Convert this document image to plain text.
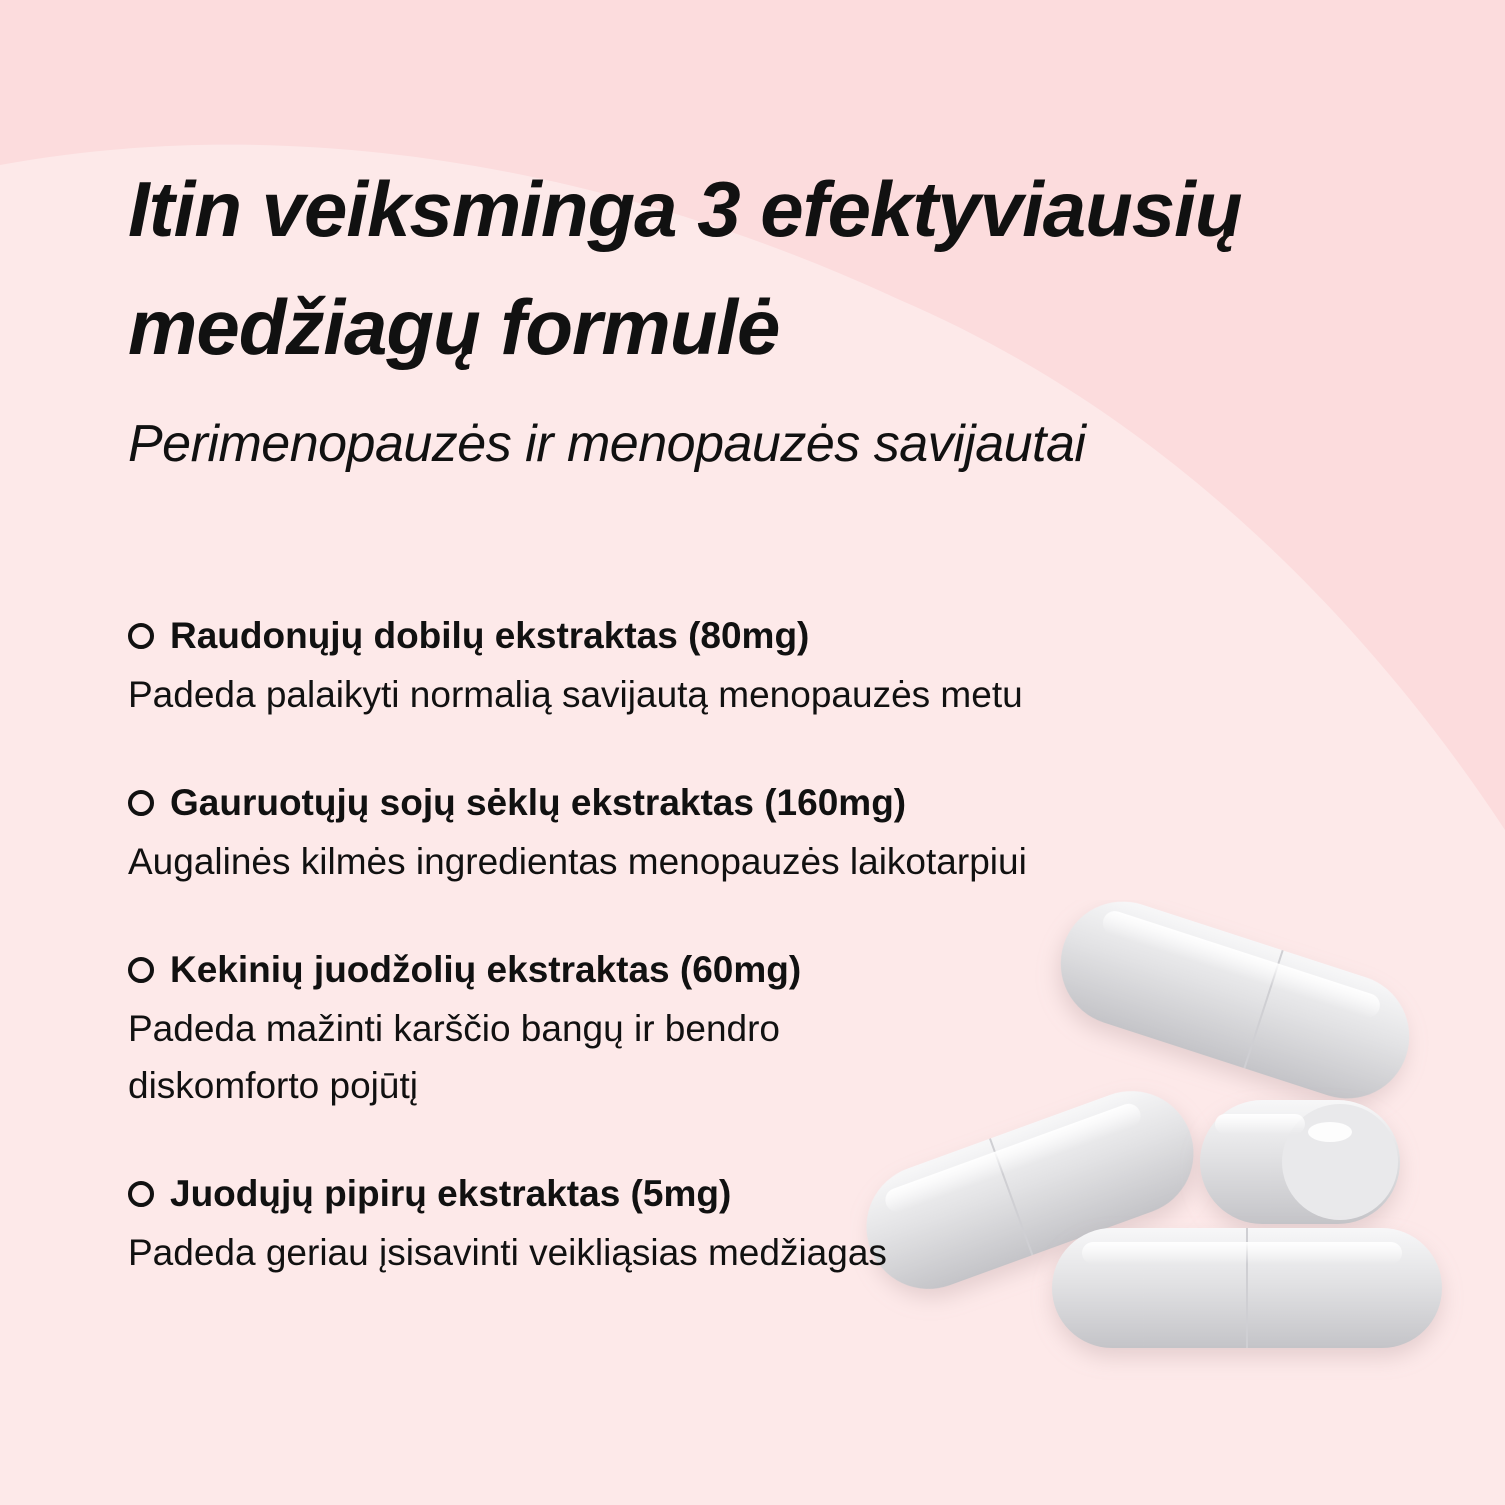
Itin veiksminga 3 efektyviausių
medžiagų formulė
Perimenopauzės ir menopauzės savijautai
Raudonųjų dobilų ekstraktas (80mg)
Padeda palaikyti normalią savijautą menopauzės metu
Gauruotųjų sojų sėklų ekstraktas (160mg)
Augalinės kilmės ingredientas menopauzės laikotarpiui
Kekinių juodžolių ekstraktas (60mg)
Padeda mažinti karščio bangų ir bendro diskomforto pojūtį
Juodųjų pipirų ekstraktas (5mg)
Padeda geriau įsisavinti veikliąsias medžiagas
